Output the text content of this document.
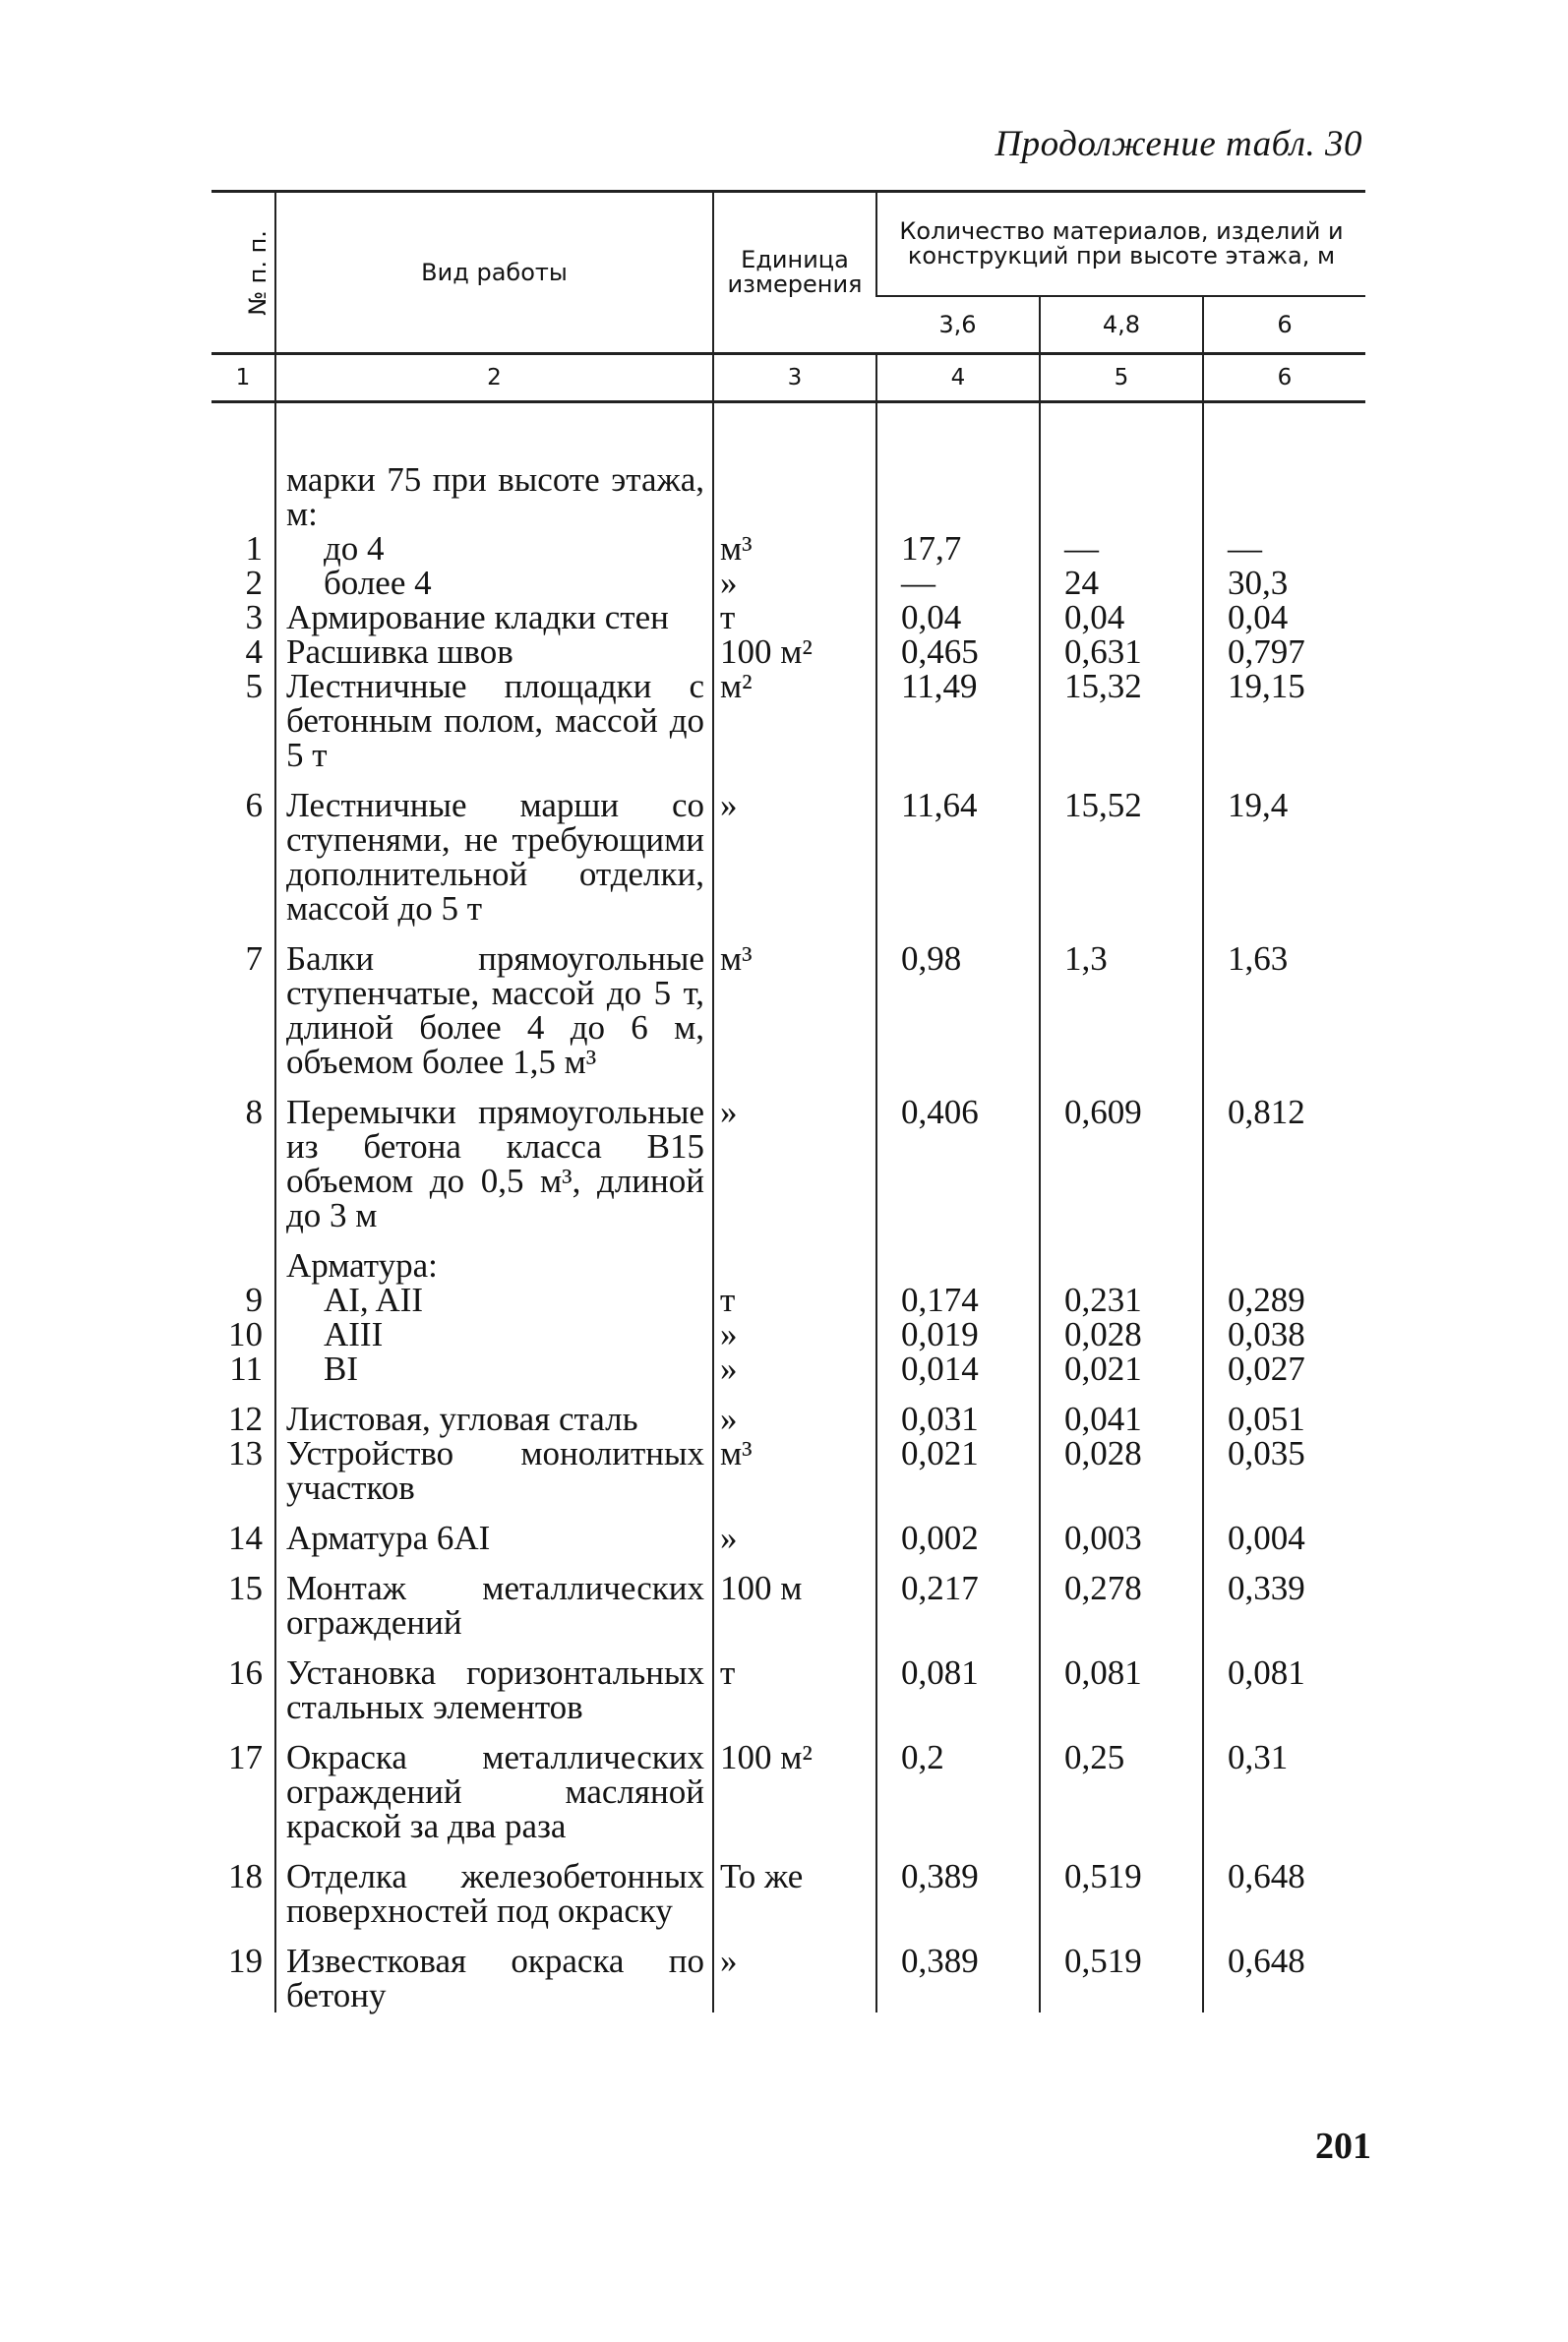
Продолжение табл. 30
№ п. п.	Вид работы	Единица измерения	Количество материалов, изделий и конструкций при высоте этажа, м		
			3,6	4,8	6
1	2	3	4	5	6
	марки 75 при высоте этажа, м:				
1	до 4	м³	17,7	—	—
2	более 4	»	—	24	30,3
3	Армирование кладки стен	т	0,04	0,04	0,04
4	Расшивка швов	100 м²	0,465	0,631	0,797
5	Лестничные площадки с бетонным полом, массой до 5 т	м²	11,49	15,32	19,15
6	Лестничные марши со ступенями, не требующими дополнительной отделки, массой до 5 т	»	11,64	15,52	19,4
7	Балки прямоугольные ступенчатые, массой до 5 т, длиной более 4 до 6 м, объемом более 1,5 м³	м³	0,98	1,3	1,63
8	Перемычки прямоугольные из бетона класса В15 объемом до 0,5 м³, длиной до 3 м	»	0,406	0,609	0,812
	Арматура:				
9	AI, AII	т	0,174	0,231	0,289
10	AIII	»	0,019	0,028	0,038
11	BI	»	0,014	0,021	0,027
12	Листовая, угловая сталь	»	0,031	0,041	0,051
13	Устройство монолитных участков	м³	0,021	0,028	0,035
14	Арматура 6AI	»	0,002	0,003	0,004
15	Монтаж металлических ограждений	100 м	0,217	0,278	0,339
16	Установка горизонтальных стальных элементов	т	0,081	0,081	0,081
17	Окраска металлических ограждений масляной краской за два раза	100 м²	0,2	0,25	0,31
18	Отделка железобетонных поверхностей под окраску	То же	0,389	0,519	0,648
19	Известковая окраска по бетону	»	0,389	0,519	0,648
201
